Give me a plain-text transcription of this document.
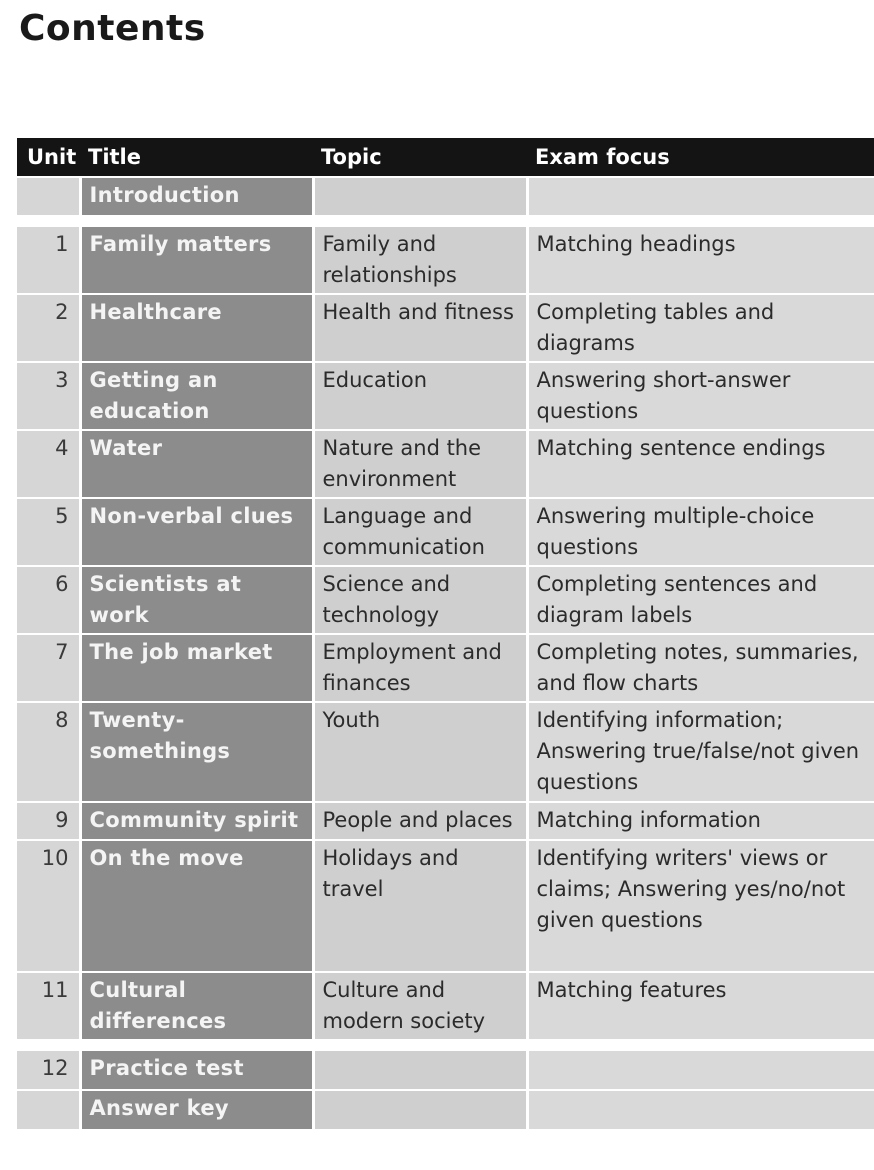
Contents
Unit	Title	Topic	Exam focus
	Introduction		

1	Family matters	Family and relationships	Matching headings
2	Healthcare	Health and fitness	Completing tables and diagrams
3	Getting an education	Education	Answering short-answer questions
4	Water	Nature and the environment	Matching sentence endings
5	Non-verbal clues	Language and communication	Answering multiple-choice questions
6	Scientists at work	Science and technology	Completing sentences and diagram labels
7	The job market	Employment and finances	Completing notes, summaries, and flow charts
8	Twenty-somethings	Youth	Identifying information; Answering true/false/not given questions
9	Community spirit	People and places	Matching information
10	On the move	Holidays and travel	Identifying writers' views or claims; Answering yes/no/not given questions
11	Cultural differences	Culture and modern society	Matching features

12	Practice test		
	Answer key		
